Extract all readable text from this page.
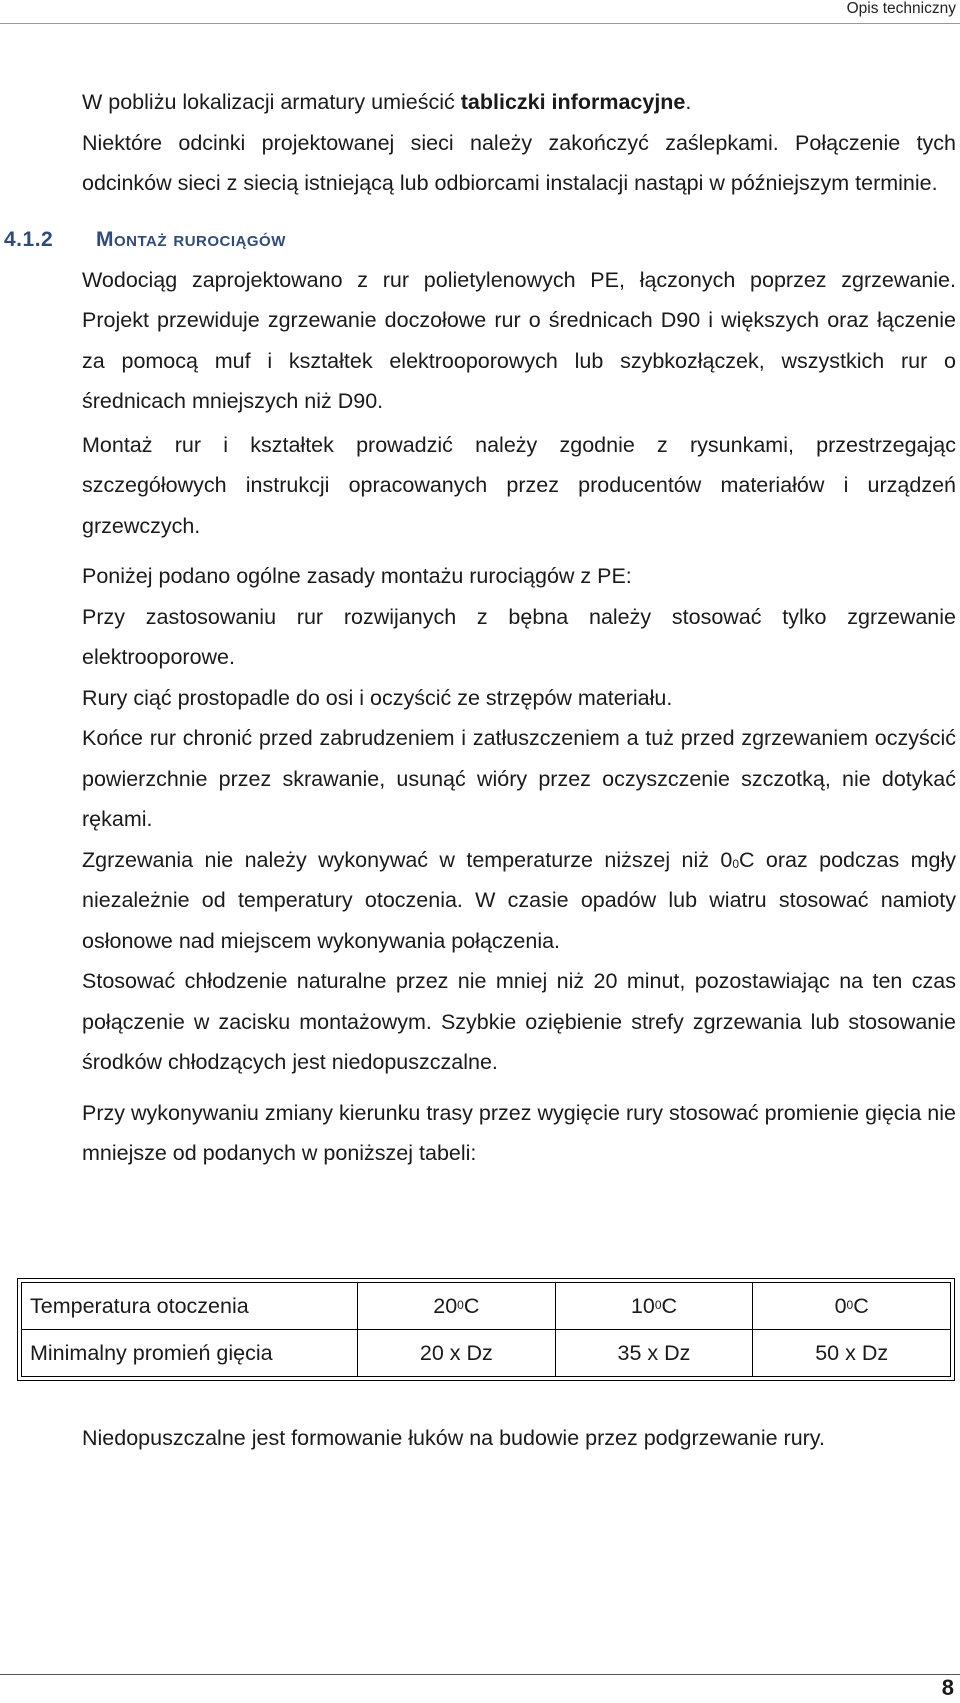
Opis techniczny

W pobliżu lokalizacji armatury umieścić tabliczki informacyjne.

Niektóre odcinki projektowanej sieci należy zakończyć zaślepkami. Połączenie tych odcinków sieci z siecią istniejącą lub odbiorcami instalacji nastąpi w późniejszym terminie.

4.1.2 Montaż rurociągów

Wodociąg zaprojektowano z rur polietylenowych PE, łączonych poprzez zgrzewanie. Projekt przewiduje zgrzewanie doczołowe rur o średnicach D90 i większych oraz łączenie za pomocą muf i kształtek elektrooporowych lub szybkozłączek, wszystkich rur o średnicach mniejszych niż D90.

Montaż rur i kształtek prowadzić należy zgodnie z rysunkami, przestrzegając szczegółowych instrukcji opracowanych przez producentów materiałów i urządzeń grzewczych.

Poniżej podano ogólne zasady montażu rurociągów z PE:

Przy zastosowaniu rur rozwijanych z bębna należy stosować tylko zgrzewanie elektrooporowe.

Rury ciąć prostopadle do osi i oczyścić ze strzępów materiału.

Końce rur chronić przed zabrudzeniem i zatłuszczeniem a tuż przed zgrzewaniem oczyścić powierzchnie przez skrawanie, usunąć wióry przez oczyszczenie szczotką, nie dotykać rękami.

Zgrzewania nie należy wykonywać w temperaturze niższej niż $0^0C$ oraz podczas mgły niezależnie od temperatury otoczenia. W czasie opadów lub wiatru stosować namioty osłonowe nad miejscem wykonywania połączenia.

Stosować chłodzenie naturalne przez nie mniej niż 20 minut, pozostawiając na ten czas połączenie w zacisku montażowym. Szybkie oziębienie strefy zgrzewania lub stosowanie środków chłodzących jest niedopuszczalne.

Przy wykonywaniu zmiany kierunku trasy przez wygięcie rury stosować promienie gięcia nie mniejsze od podanych w poniższej tabeli:

Temperatura otoczenia	$20^0C$	$10^0C$	$0^0C$
Minimalny promień gięcia	20 x Dz	35 x Dz	50 x Dz

Niedopuszczalne jest formowanie łuków na budowie przez podgrzewanie rury.

8
